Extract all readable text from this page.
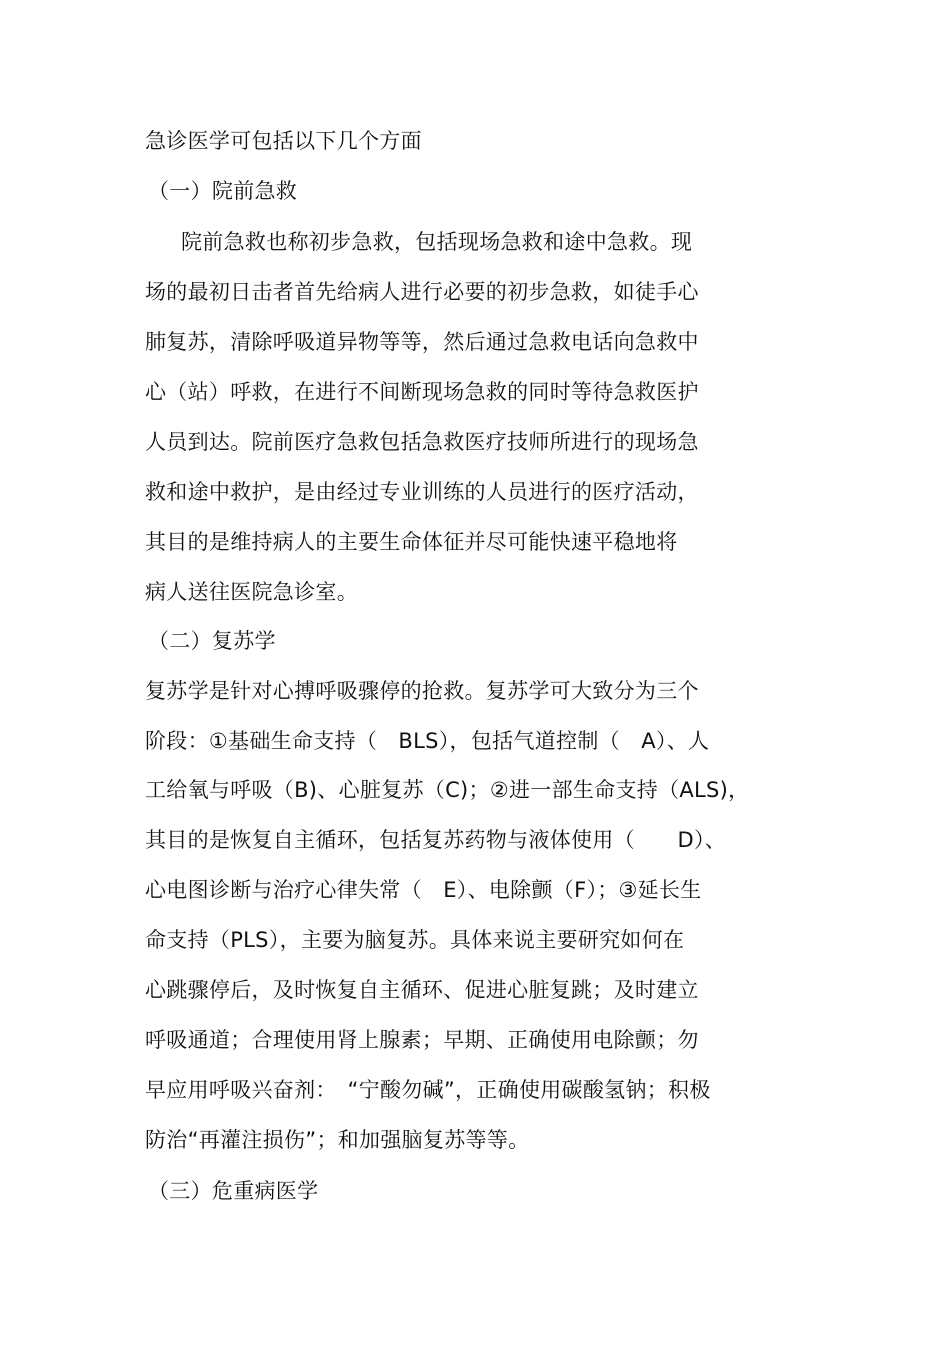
急诊医学可包括以下几个方面
（一）院前急救
院前急救也称初步急救，包括现场急救和途中急救。现
场的最初日击者首先给病人进行必要的初步急救，如徒手心
肺复苏，清除呼吸道异物等等，然后通过急救电话向急救中
心（站）呼救，在进行不间断现场急救的同时等待急救医护
人员到达。院前医疗急救包括急救医疗技师所进行的现场急
救和途中救护，是由经过专业训练的人员进行的医疗活动，
其目的是维持病人的主要生命体征并尽可能快速平稳地将
病人送往医院急诊室。
（二）复苏学
复苏学是针对心搏呼吸骤停的抢救。复苏学可大致分为三个
阶段：①基础生命支持（　BLS），包括气道控制（　A）、人
工给氧与呼吸（B)、心脏复苏（C)；②进一部生命支持（ALS)，
其目的是恢复自主循环，包括复苏药物与液体使用（　　D）、
心电图诊断与治疗心律失常（　E）、电除颤（F）；③延长生
命支持（PLS），主要为脑复苏。具体来说主要研究如何在
心跳骤停后，及时恢复自主循环、促进心脏复跳；及时建立
呼吸通道；合理使用肾上腺素；早期、正确使用电除颤；勿
早应用呼吸兴奋剂：　“宁酸勿碱”，正确使用碳酸氢钠；积极
防治“再灌注损伤”；和加强脑复苏等等。
（三）危重病医学
